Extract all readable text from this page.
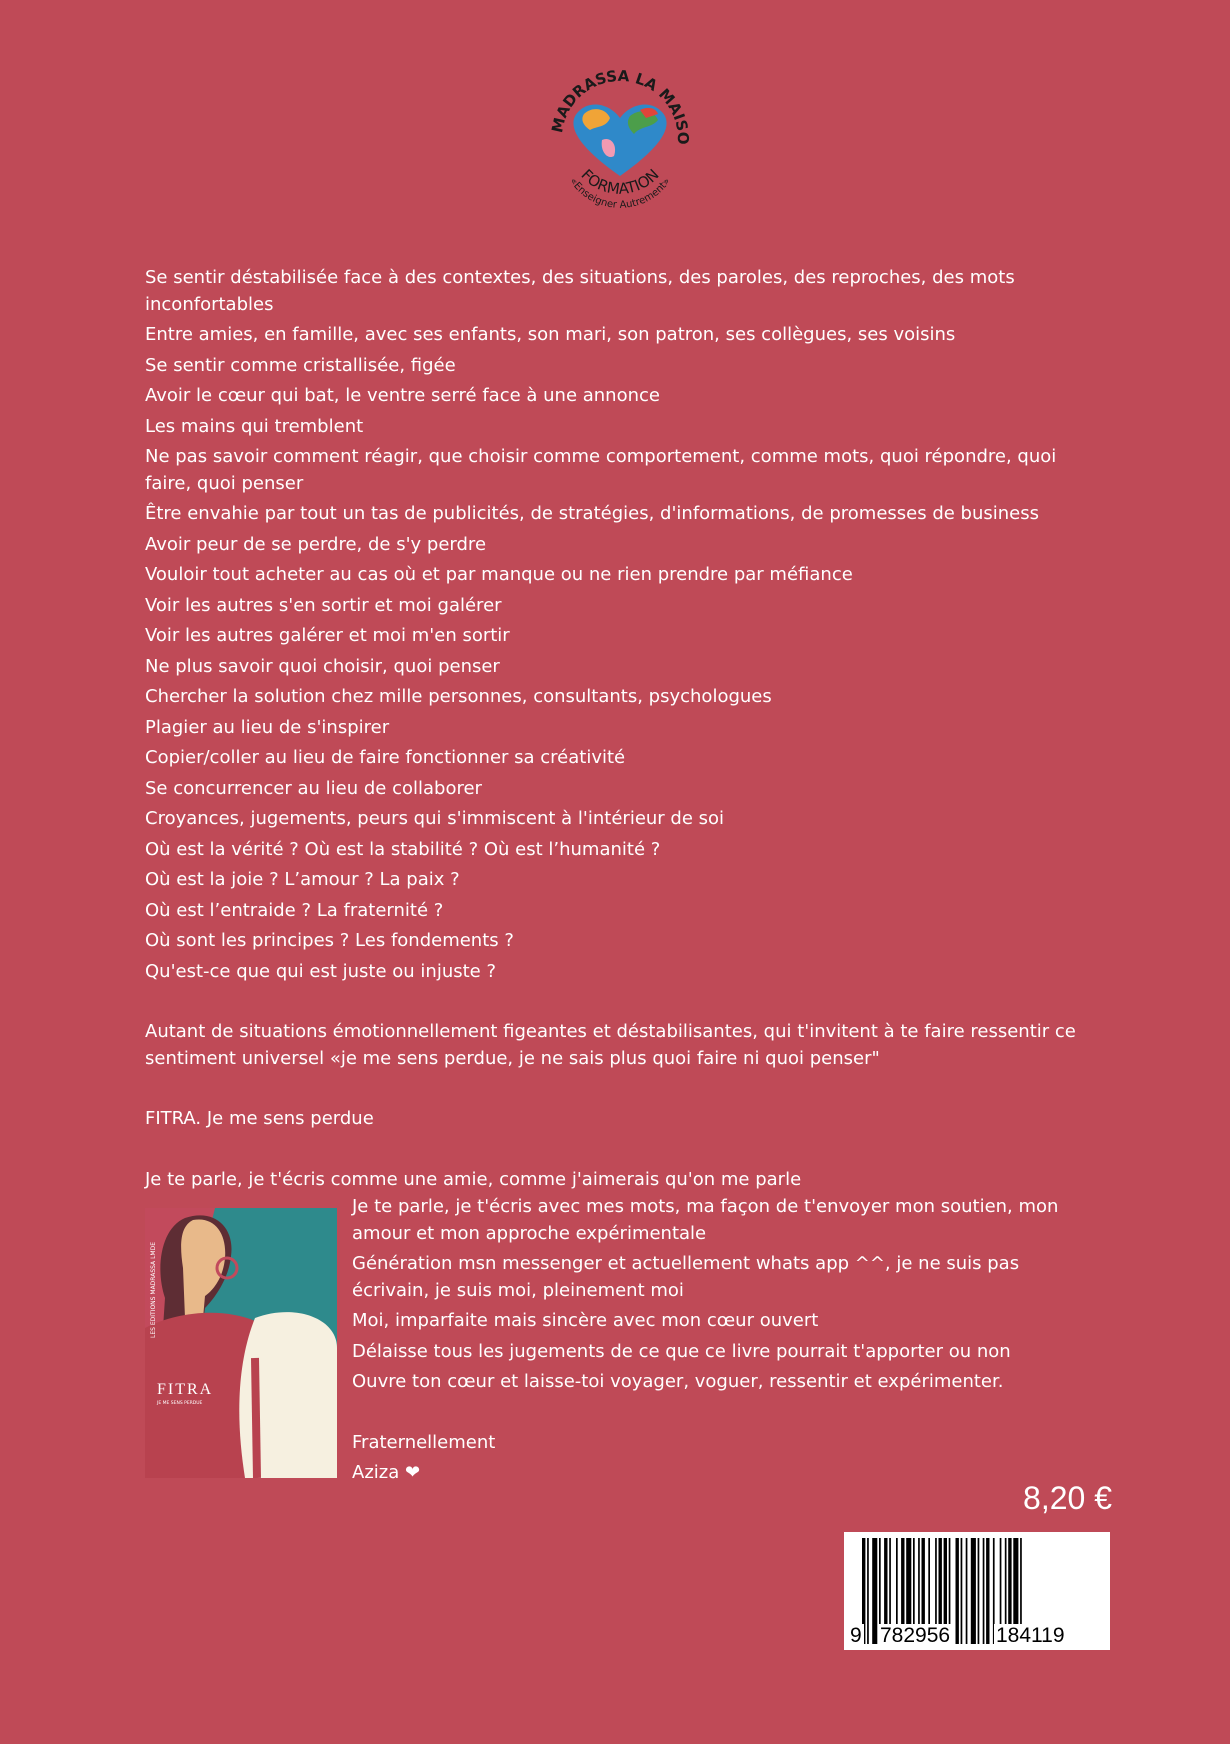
MADRASSA LA MAISO
FORMATION
«Enseigner Autrement»

Se sentir déstabilisée face à des contextes, des situations, des paroles, des reproches, des mots inconfortables

Entre amies, en famille, avec ses enfants, son mari, son patron, ses collègues, ses voisins

Se sentir comme cristallisée, figée

Avoir le cœur qui bat, le ventre serré face à une annonce

Les mains qui tremblent

Ne pas savoir comment réagir, que choisir comme comportement, comme mots, quoi répondre, quoi faire, quoi penser

Être envahie par tout un tas de publicités, de stratégies, d'informations, de promesses de business

Avoir peur de se perdre, de s'y perdre

Vouloir tout acheter au cas où et par manque ou ne rien prendre par méfiance

Voir les autres s'en sortir et moi galérer

Voir les autres galérer et moi m'en sortir

Ne plus savoir quoi choisir, quoi penser

Chercher la solution chez mille personnes, consultants, psychologues

Plagier au lieu de s'inspirer

Copier/coller au lieu de faire fonctionner sa créativité

Se concurrencer au lieu de collaborer

Croyances, jugements, peurs qui s'immiscent à l'intérieur de soi

Où est la vérité ? Où est la stabilité ? Où est l’humanité ?

Où est la joie ? L’amour ? La paix ?

Où est l’entraide ? La fraternité ?

Où sont les principes ? Les fondements ?

Qu'est-ce que qui est juste ou injuste ?

Autant de situations émotionnellement figeantes et déstabilisantes, qui t'invitent à te faire ressentir ce sentiment universel «je me sens perdue, je ne sais plus quoi faire ni quoi penser"

FITRA. Je me sens perdue

Je te parle, je t'écris comme une amie, comme j'aimerais qu'on me parle

LES EDITIONS MADRASSA LMDE
FITRA
JE ME SENS PERDUE

Je te parle, je t'écris avec mes mots, ma façon de t'envoyer mon soutien, mon amour et mon approche expérimentale

Génération msn messenger et actuellement whats app ^^, je ne suis pas écrivain, je suis moi, pleinement moi

Moi, imparfaite mais sincère avec mon cœur ouvert

Délaisse tous les jugements de ce que ce livre pourrait t'apporter ou non

Ouvre ton cœur et laisse-toi voyager, voguer, ressentir et expérimenter.

Fraternellement

Aziza ❤

8,20 €
9 782956 184119
